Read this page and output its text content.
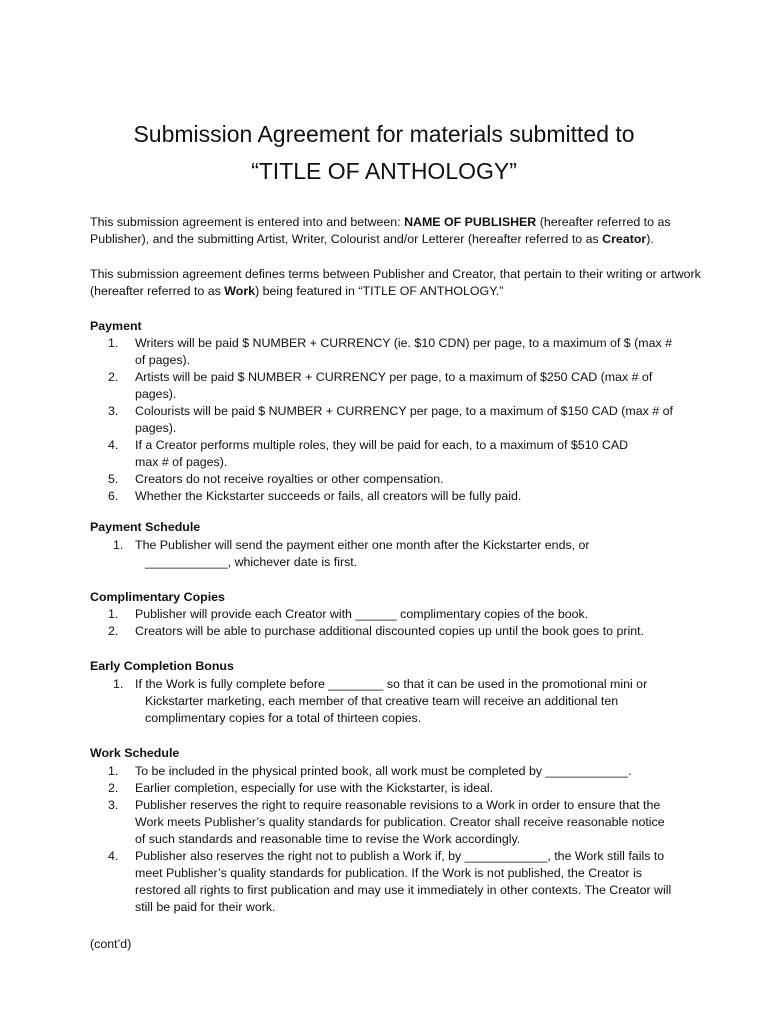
Submission Agreement for materials submitted to
“TITLE OF ANTHOLOGY”
This submission agreement is entered into and between: NAME OF PUBLISHER (hereafter referred to as Publisher), and the submitting Artist, Writer, Colourist and/or Letterer (hereafter referred to as Creator).
This submission agreement defines terms between Publisher and Creator, that pertain to their writing or artwork (hereafter referred to as Work) being featured in “TITLE OF ANTHOLOGY.”
Payment
1.	Writers will be paid $ NUMBER + CURRENCY (ie. $10 CDN) per page, to a maximum of $ (max # of pages).
2.	Artists will be paid $ NUMBER + CURRENCY per page, to a maximum of $250 CAD (max # of pages).
3.	Colourists will be paid $ NUMBER + CURRENCY per page, to a maximum of $150 CAD (max # of pages).
4.	If a Creator performs multiple roles, they will be paid for each, to a maximum of $510 CAD max # of pages).
5.	Creators do not receive royalties or other compensation.
6.	Whether the Kickstarter succeeds or fails, all creators will be fully paid.
Payment Schedule
1. The Publisher will send the payment either one month after the Kickstarter ends, or ____________, whichever date is first.
Complimentary Copies
1.	Publisher will provide each Creator with ______ complimentary copies of the book.
2.	Creators will be able to purchase additional discounted copies up until the book goes to print.
Early Completion Bonus
1. If the Work is fully complete before ________ so that it can be used in the promotional mini or Kickstarter marketing, each member of that creative team will receive an additional ten complimentary copies for a total of thirteen copies.
Work Schedule
1.	To be included in the physical printed book, all work must be completed by ____________.
2.	Earlier completion, especially for use with the Kickstarter, is ideal.
3.	Publisher reserves the right to require reasonable revisions to a Work in order to ensure that the Work meets Publisher’s quality standards for publication. Creator shall receive reasonable notice of such standards and reasonable time to revise the Work accordingly.
4.	Publisher also reserves the right not to publish a Work if, by ____________, the Work still fails to meet Publisher’s quality standards for publication. If the Work is not published, the Creator is restored all rights to first publication and may use it immediately in other contexts. The Creator will still be paid for their work.
(cont’d)
